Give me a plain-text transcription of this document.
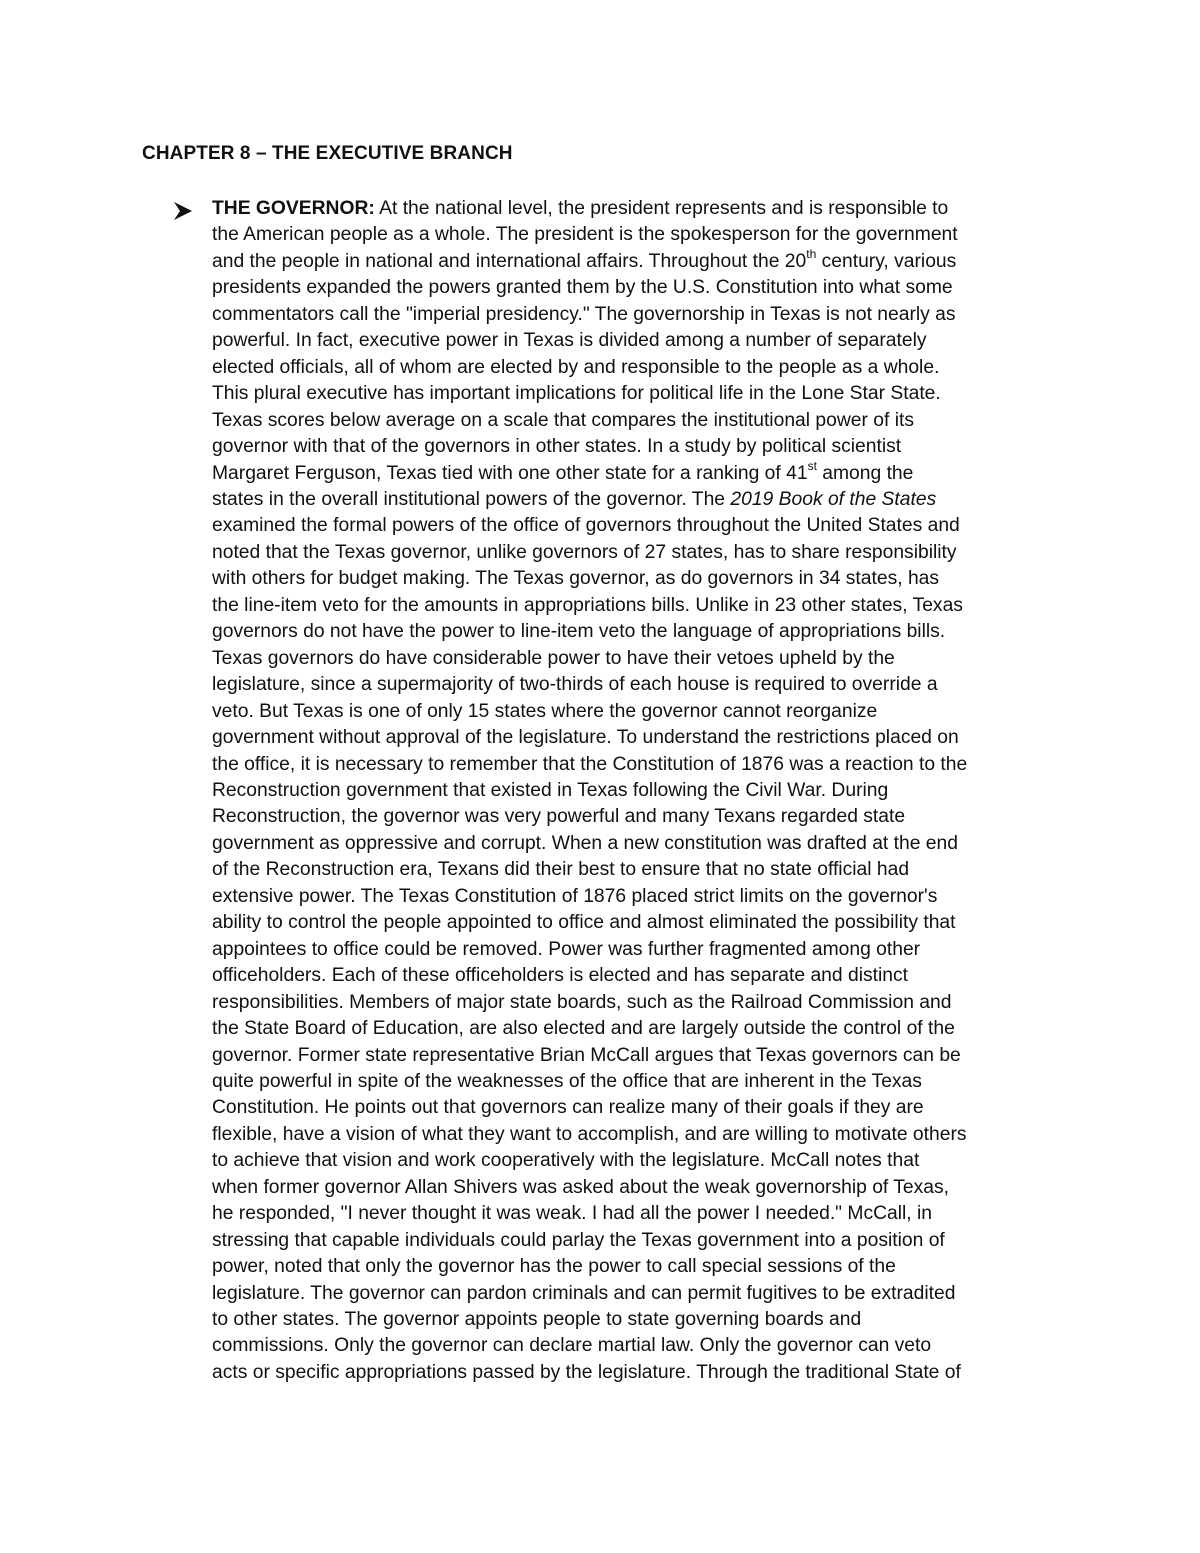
CHAPTER 8 – THE EXECUTIVE BRANCH
THE GOVERNOR: At the national level, the president represents and is responsible to
the American people as a whole. The president is the spokesperson for the government
and the people in national and international affairs. Throughout the 20th century, various
presidents expanded the powers granted them by the U.S. Constitution into what some
commentators call the "imperial presidency." The governorship in Texas is not nearly as
powerful. In fact, executive power in Texas is divided among a number of separately
elected officials, all of whom are elected by and responsible to the people as a whole.
This plural executive has important implications for political life in the Lone Star State.
Texas scores below average on a scale that compares the institutional power of its
governor with that of the governors in other states. In a study by political scientist
Margaret Ferguson, Texas tied with one other state for a ranking of 41st among the
states in the overall institutional powers of the governor. The 2019 Book of the States
examined the formal powers of the office of governors throughout the United States and
noted that the Texas governor, unlike governors of 27 states, has to share responsibility
with others for budget making. The Texas governor, as do governors in 34 states, has
the line-item veto for the amounts in appropriations bills. Unlike in 23 other states, Texas
governors do not have the power to line-item veto the language of appropriations bills.
Texas governors do have considerable power to have their vetoes upheld by the
legislature, since a supermajority of two-thirds of each house is required to override a
veto. But Texas is one of only 15 states where the governor cannot reorganize
government without approval of the legislature. To understand the restrictions placed on
the office, it is necessary to remember that the Constitution of 1876 was a reaction to the
Reconstruction government that existed in Texas following the Civil War. During
Reconstruction, the governor was very powerful and many Texans regarded state
government as oppressive and corrupt. When a new constitution was drafted at the end
of the Reconstruction era, Texans did their best to ensure that no state official had
extensive power. The Texas Constitution of 1876 placed strict limits on the governor's
ability to control the people appointed to office and almost eliminated the possibility that
appointees to office could be removed. Power was further fragmented among other
officeholders. Each of these officeholders is elected and has separate and distinct
responsibilities. Members of major state boards, such as the Railroad Commission and
the State Board of Education, are also elected and are largely outside the control of the
governor. Former state representative Brian McCall argues that Texas governors can be
quite powerful in spite of the weaknesses of the office that are inherent in the Texas
Constitution. He points out that governors can realize many of their goals if they are
flexible, have a vision of what they want to accomplish, and are willing to motivate others
to achieve that vision and work cooperatively with the legislature. McCall notes that
when former governor Allan Shivers was asked about the weak governorship of Texas,
he responded, "I never thought it was weak. I had all the power I needed." McCall, in
stressing that capable individuals could parlay the Texas government into a position of
power, noted that only the governor has the power to call special sessions of the
legislature. The governor can pardon criminals and can permit fugitives to be extradited
to other states. The governor appoints people to state governing boards and
commissions. Only the governor can declare martial law. Only the governor can veto
acts or specific appropriations passed by the legislature. Through the traditional State of
